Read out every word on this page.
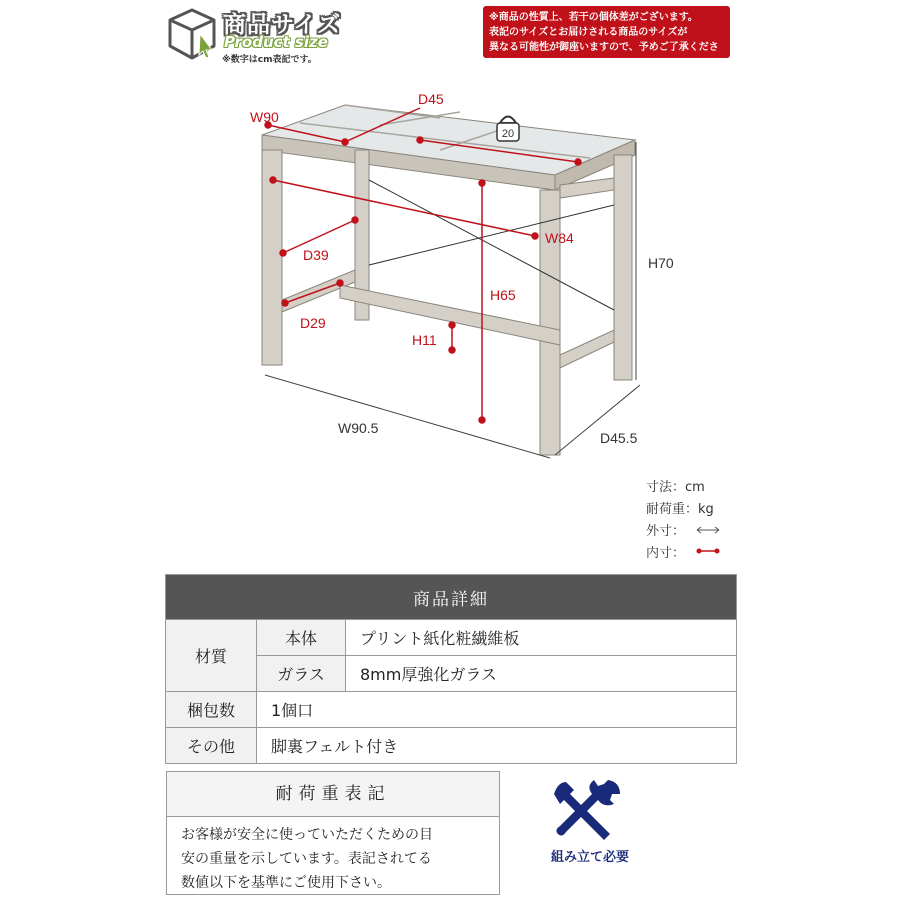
商品サイズ
Product size
※数字はcm表記です。
※商品の性質上、若干の個体差がございます。
表記のサイズとお届けされる商品のサイズが
異なる可能性が御座いますので、予めご了承ください。
20
W90
D45
W84
D39	H70
H65
D29
H11
W90.5
D45.5
寸法：cm
耐荷重：kg
外寸：
内寸：
商品詳細		
材質	本体	プリント紙化粧繊維板
	ガラス	8mm厚強化ガラス
梱包数	1個口	
その他	脚裏フェルト付き	
耐荷重表記
お客様が安全に使っていただくための目
安の重量を示しています。表記されてる
数値以下を基準にご使用下さい。
組み立て必要
